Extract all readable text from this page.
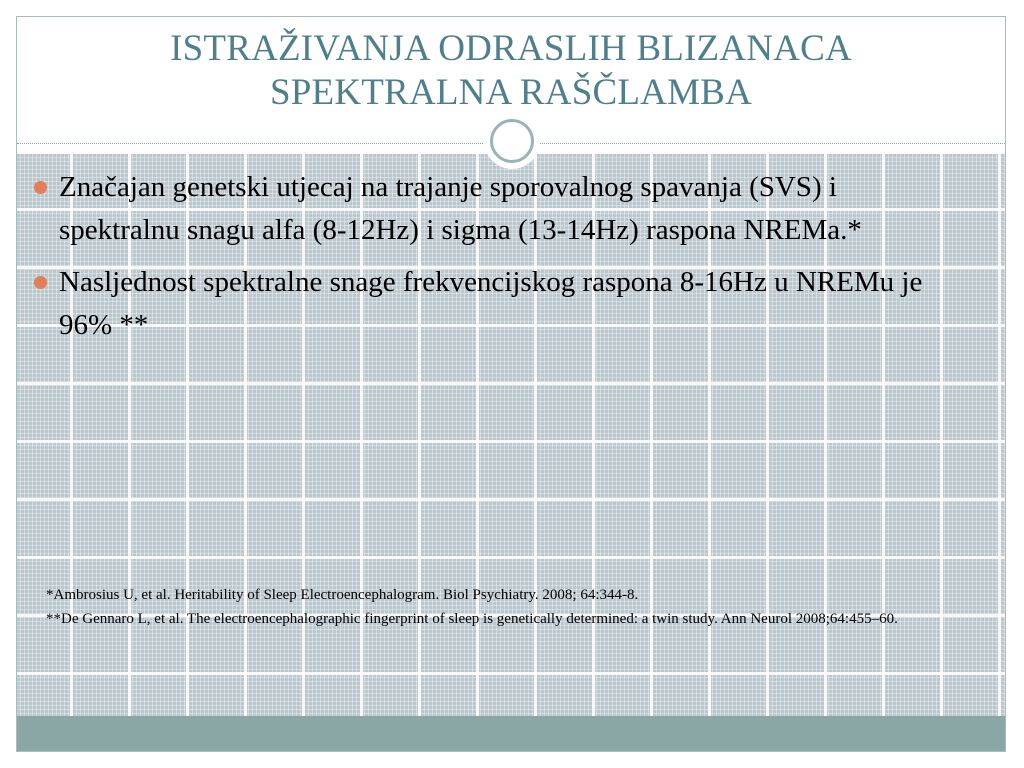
ISTRAŽIVANJA ODRASLIH BLIZANACA
SPEKTRALNA RAŠČLAMBA
Značajan genetski utjecaj na trajanje sporovalnog spavanja (SVS) i spektralnu snagu alfa (8-12Hz) i sigma (13-14Hz) raspona NREMa.*
Nasljednost spektralne snage frekvencijskog raspona 8-16Hz u NREMu je 96% **
*Ambrosius U, et al. Heritability of Sleep Electroencephalogram. Biol Psychiatry. 2008; 64:344-8.
**De Gennaro L, et al. The electroencephalographic fingerprint of sleep is genetically determined: a twin study. Ann Neurol 2008;64:455–60.
